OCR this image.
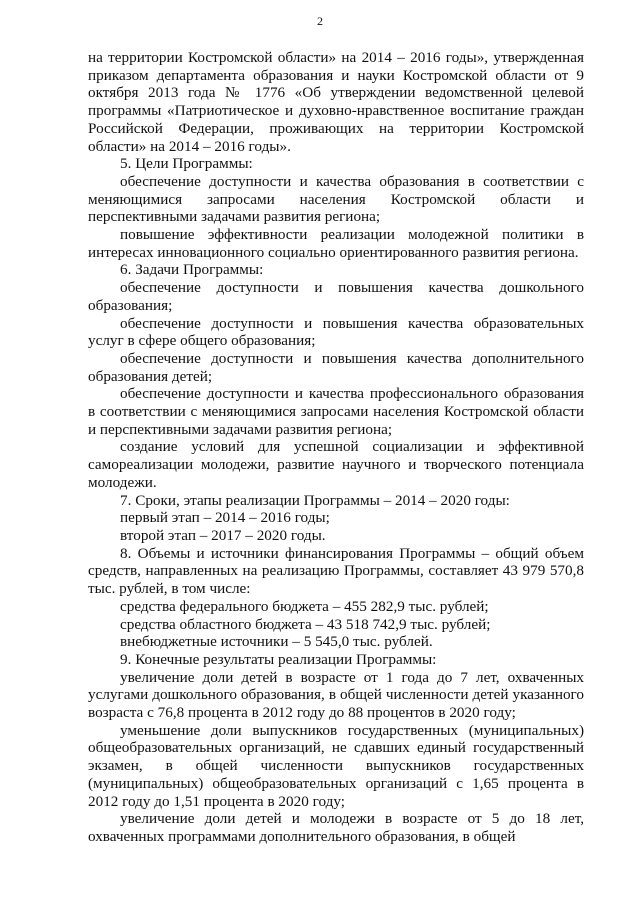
2

на территории Костромской области» на 2014 – 2016 годы», утвержденная приказом департамента образования и науки Костромской области от 9 октября 2013 года № 1776 «Об утверждении ведомственной целевой программы «Патриотическое и духовно-нравственное воспитание граждан Российской Федерации, проживающих на территории Костромской области» на 2014 – 2016 годы».

5. Цели Программы:

обеспечение доступности и качества образования в соответствии с меняющимися запросами населения Костромской области и перспективными задачами развития региона;

повышение эффективности реализации молодежной политики в интересах инновационного социально ориентированного развития региона.

6. Задачи Программы:

обеспечение доступности и повышения качества дошкольного образования;

обеспечение доступности и повышения качества образовательных услуг в сфере общего образования;

обеспечение доступности и повышения качества дополнительного образования детей;

обеспечение доступности и качества профессионального образования в соответствии с меняющимися запросами населения Костромской области и перспективными задачами развития региона;

создание условий для успешной социализации и эффективной самореализации молодежи, развитие научного и творческого потенциала молодежи.

7. Сроки, этапы реализации Программы – 2014 – 2020 годы:

первый этап – 2014 – 2016 годы;

второй этап – 2017 – 2020 годы.

8. Объемы и источники финансирования Программы – общий объем средств, направленных на реализацию Программы, составляет 43 979 570,8 тыс. рублей, в том числе:

средства федерального бюджета – 455 282,9 тыс. рублей;

средства областного бюджета – 43 518 742,9 тыс. рублей;

внебюджетные источники – 5 545,0 тыс. рублей.

9. Конечные результаты реализации Программы:

увеличение доли детей в возрасте от 1 года до 7 лет, охваченных услугами дошкольного образования, в общей численности детей указанного возраста с 76,8 процента в 2012 году до 88 процентов в 2020 году;

уменьшение доли выпускников государственных (муниципальных) общеобразовательных организаций, не сдавших единый государственный экзамен, в общей численности выпускников государственных (муниципальных) общеобразовательных организаций с 1,65 процента в 2012 году до 1,51 процента в 2020 году;

увеличение доли детей и молодежи в возрасте от 5 до 18 лет, охваченных программами дополнительного образования, в общей
